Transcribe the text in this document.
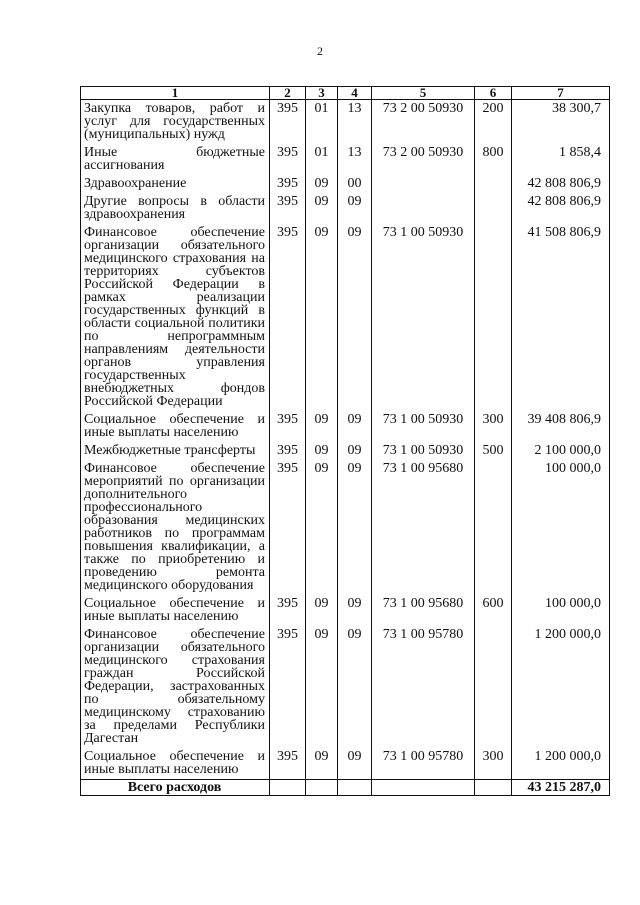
2
1	2	3	4	5	6	7
Закупка товаров, работ и услуг для государственных (муниципальных) нужд	395	01	13	73 2 00 50930	200	38 300,7
Иные бюджетные ассигнования	395	01	13	73 2 00 50930	800	1 858,4
Здравоохранение	395	09	00			42 808 806,9
Другие вопросы в области здравоохранения	395	09	09			42 808 806,9
Финансовое обеспечение организации обязательного медицинского страхования на территориях субъектов Российской Федерации в рамках реализации государственных функций в области социальной политики по непрограммным направлениям деятельности органов управления государственных внебюджетных фондов Российской Федерации	395	09	09	73 1 00 50930		41 508 806,9
Социальное обеспечение и иные выплаты населению	395	09	09	73 1 00 50930	300	39 408 806,9
Межбюджетные трансферты	395	09	09	73 1 00 50930	500	2 100 000,0
Финансовое обеспечение мероприятий по организации дополнительного профессионального образования медицинских работников по программам повышения квалификации, а также по приобретению и проведению ремонта медицинского оборудования	395	09	09	73 1 00 95680		100 000,0
Социальное обеспечение и иные выплаты населению	395	09	09	73 1 00 95680	600	100 000,0
Финансовое обеспечение организации обязательного медицинского страхования граждан Российской Федерации, застрахованных по обязательному медицинскому страхованию за пределами Республики Дагестан	395	09	09	73 1 00 95780		1 200 000,0
Социальное обеспечение и иные выплаты населению	395	09	09	73 1 00 95780	300	1 200 000,0
Всего расходов						43 215 287,0
